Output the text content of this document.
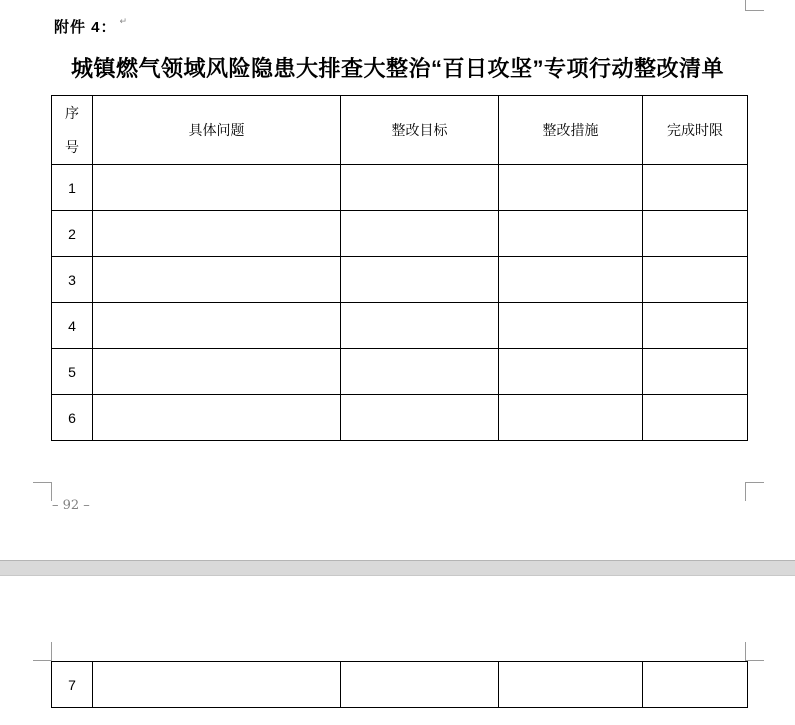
附件 4： ↵
城镇燃气领域风险隐患大排查大整治“百日攻坚”专项行动整改清单
序号	具体问题	整改目标	整改措施	完成时限
1				
2				
3				
4				
5				
6				
– 92 –
7				
